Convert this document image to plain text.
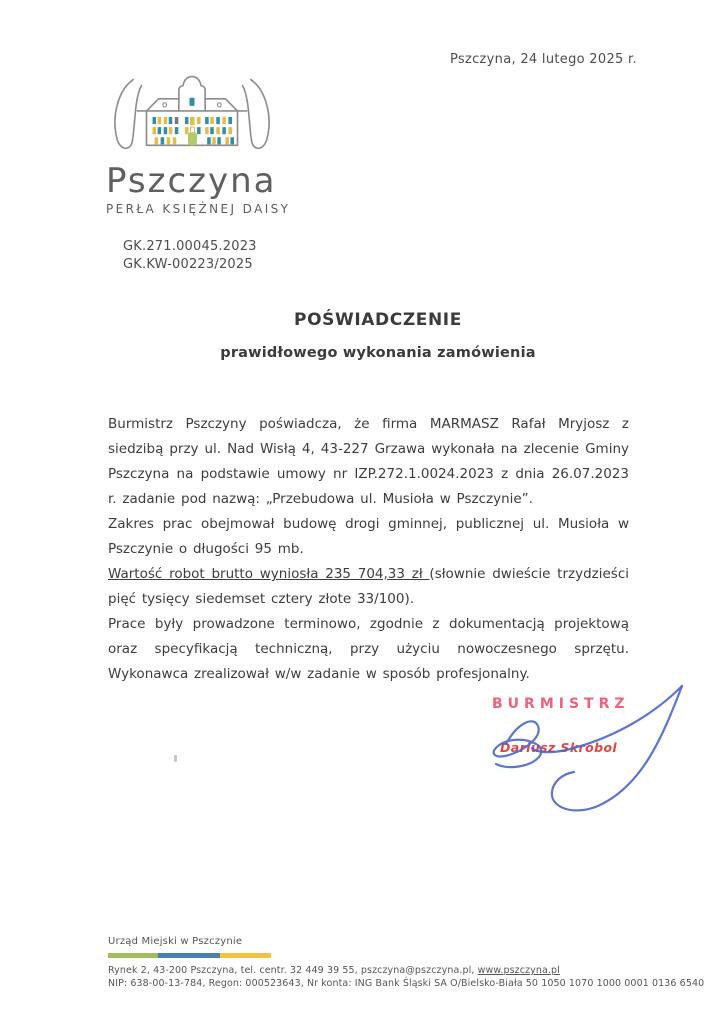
Pszczyna, 24 lutego 2025 r.
Pszczyna
PERŁA KSIĘŻNEJ DAISY
GK.271.00045.2023
GK.KW-00223/2025
POŚWIADCZENIE
prawidłowego wykonania zamówienia

Burmistrz Pszczyny poświadcza, że firma MARMASZ Rafał Mryjosz z siedzibą przy ul. Nad Wisłą 4, 43-227 Grzawa wykonała na zlecenie Gminy Pszczyna na podstawie umowy nr IZP.272.1.0024.2023 z dnia 26.07.2023 r. zadanie pod nazwą: „Przebudowa ul. Musioła w Pszczynie”.

Zakres prac obejmował budowę drogi gminnej, publicznej ul. Musioła w Pszczynie o długości 95 mb.

Wartość robot brutto wyniosła 235 704,33 zł (słownie dwieście trzydzieści pięć tysięcy siedemset cztery złote 33/100).

Prace były prowadzone terminowo, zgodnie z dokumentacją projektową oraz specyfikacją techniczną, przy użyciu nowoczesnego sprzętu. Wykonawca zrealizował w/w zadanie w sposób profesjonalny.

BURMISTRZ
Dariusz Skrobol
Urząd Miejski w Pszczynie
Rynek 2, 43-200 Pszczyna, tel. centr. 32 449 39 55, pszczyna@pszczyna.pl, www.pszczyna.pl
NIP: 638-00-13-784, Regon: 000523643, Nr konta: ING Bank Śląski SA O/Bielsko-Biała 50 1050 1070 1000 0001 0136 6540
